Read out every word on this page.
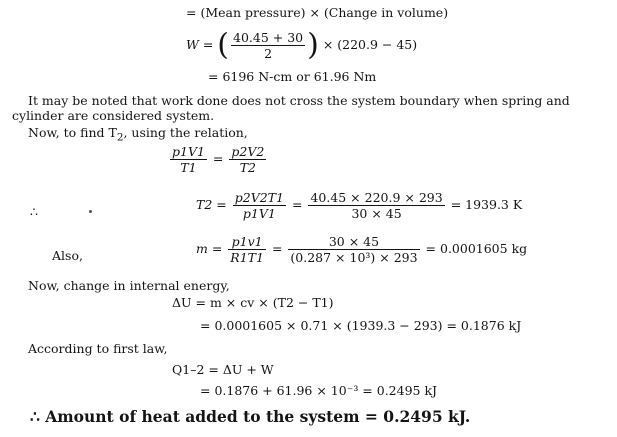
= (Mean pressure) × (Change in volume)
W = ( $\frac{40.45 + 30}{2}$ ) × (220.9 − 45)
= 6196 N-cm or 61.96 Nm
It may be noted that work done does not cross the system boundary when spring and
cylinder are considered system.
Now, to find $T_2$, using the relation,
$\frac{p1V1}{T1} = \frac{p2V2}{T2}$
∴	$T2 = \frac{p2V2T1}{p1V1} = \frac{40.45 \times 220.9 \times 293}{30 \times 45} = 1939.3$ K
Also,	$m = \frac{p1v1}{R1T1} = \frac{30 \times 45}{\text{(0.287 × 10³) × 293}} = 0.0001605$ kg
Now, change in internal energy,
ΔU = m × cv × (T2 − T1)
= 0.0001605 × 0.71 × (1939.3 − 293) = 0.1876 kJ
According to first law,
Q1–2 = ΔU + W
= 0.1876 + 61.96 × 10⁻³ = 0.2495 kJ
∴ Amount of heat added to the system = 0.2495 kJ.
